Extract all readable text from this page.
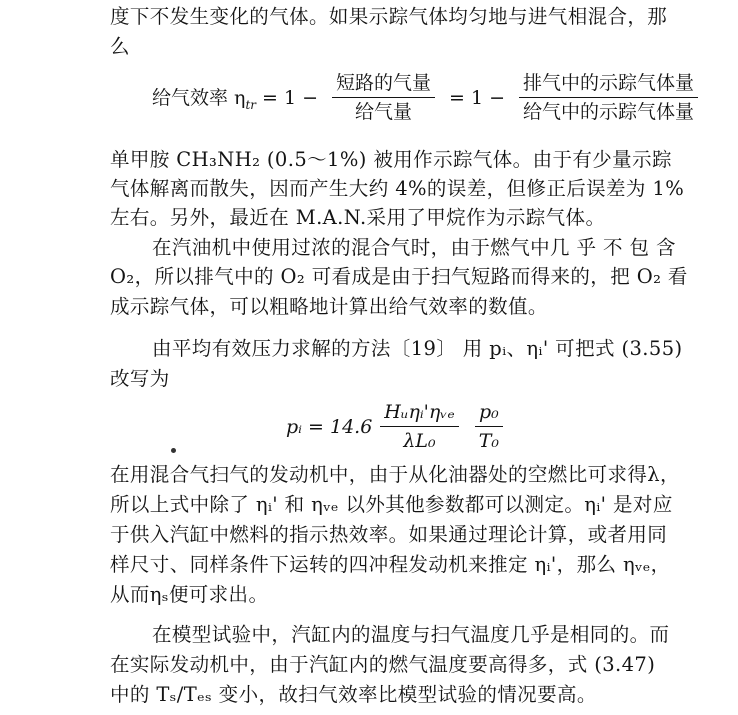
度下不发生变化的气体。如果示踪气体均匀地与进气相混合，那
么
给气效率 $\eta_{tr} = 1 - \frac{\text{短路的气量}}{\text{给气量}} = 1 - \frac{\text{排气中的示踪气体量}}{\text{给气中的示踪气体量}}$
单甲胺 CH₃NH₂ (0.5～1%) 被用作示踪气体。由于有少量示踪
气体解离而散失，因而产生大约 4%的误差，但修正后误差为 1%
左右。另外，最近在 M.A.N.采用了甲烷作为示踪气体。
在汽油机中使用过浓的混合气时，由于燃气中几 乎 不 包 含
O₂，所以排气中的 O₂ 可看成是由于扫气短路而得来的，把 O₂ 看
成示踪气体，可以粗略地计算出给气效率的数值。
由平均有效压力求解的方法〔19〕 用 pᵢ、ηᵢ' 可把式 (3.55)
改写为
pᵢ = $14.6 \frac{\text{Hᵤηᵢ'ηᵥₑ}}{\text{λL₀}} \frac{\text{p₀}}{\text{T₀}}$
在用混合气扫气的发动机中，由于从化油器处的空燃比可求得λ，
所以上式中除了 ηᵢ' 和 ηᵥₑ 以外其他参数都可以测定。ηᵢ' 是对应
于供入汽缸中燃料的指示热效率。如果通过理论计算，或者用同
样尺寸、同样条件下运转的四冲程发动机来推定 ηᵢ'，那么 ηᵥₑ，
从而ηₛ便可求出。
在模型试验中，汽缸内的温度与扫气温度几乎是相同的。而
在实际发动机中，由于汽缸内的燃气温度要高得多，式 (3.47)
中的 Tₛ/Tₑₛ 变小，故扫气效率比模型试验的情况要高。
